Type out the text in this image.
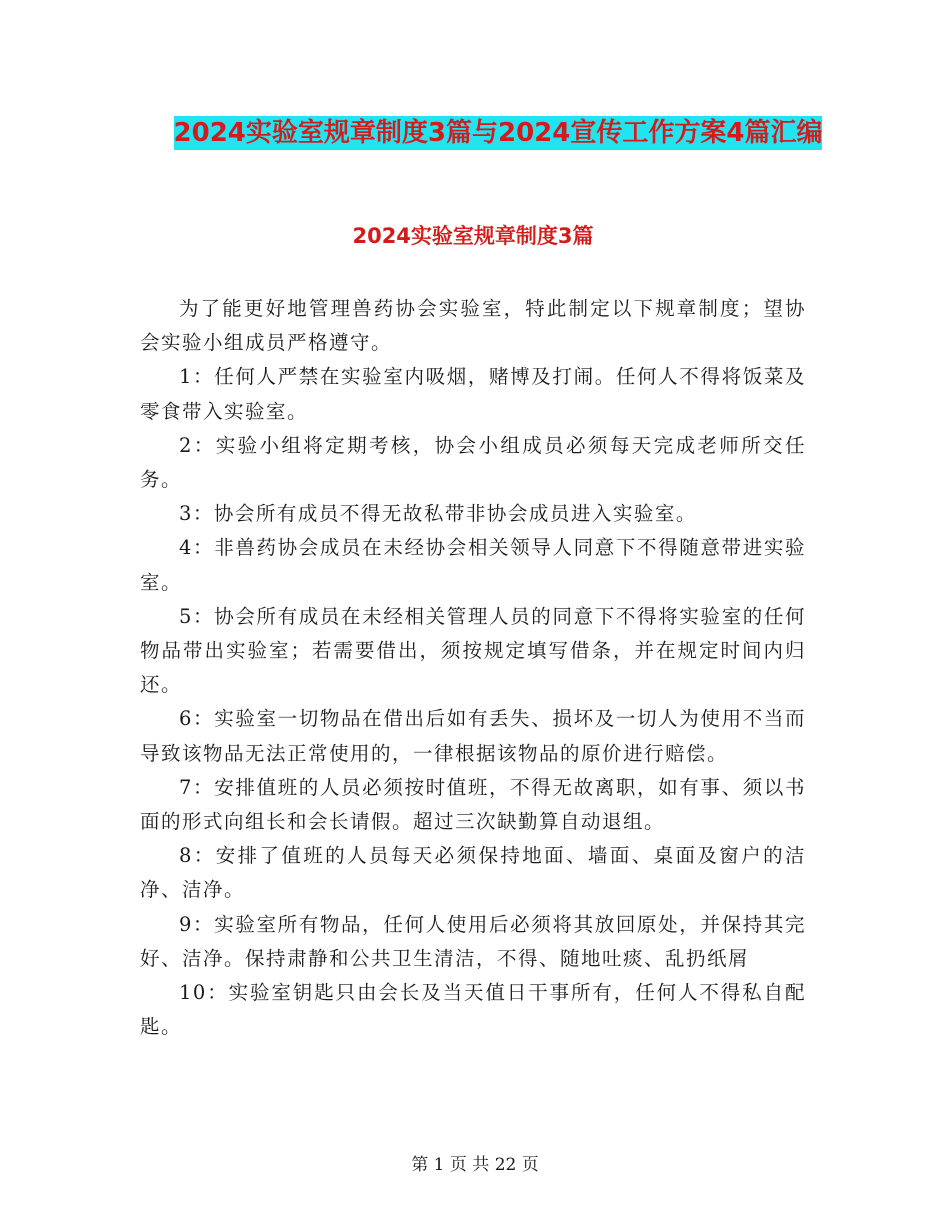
2024实验室规章制度3篇与2024宣传工作方案4篇汇编
2024实验室规章制度3篇

为了能更好地管理兽药协会实验室，特此制定以下规章制度；望协会实验小组成员严格遵守。

1：任何人严禁在实验室内吸烟，赌博及打闹。任何人不得将饭菜及零食带入实验室。

2：实验小组将定期考核，协会小组成员必须每天完成老师所交任务。

3：协会所有成员不得无故私带非协会成员进入实验室。

4：非兽药协会成员在未经协会相关领导人同意下不得随意带进实验室。

5：协会所有成员在未经相关管理人员的同意下不得将实验室的任何物品带出实验室；若需要借出，须按规定填写借条，并在规定时间内归还。

6：实验室一切物品在借出后如有丢失、损坏及一切人为使用不当而导致该物品无法正常使用的，一律根据该物品的原价进行赔偿。

7：安排值班的人员必须按时值班，不得无故离职，如有事、须以书面的形式向组长和会长请假。超过三次缺勤算自动退组。

8：安排了值班的人员每天必须保持地面、墙面、桌面及窗户的洁净、洁净。

9：实验室所有物品，任何人使用后必须将其放回原处，并保持其完好、洁净。保持肃静和公共卫生清洁，不得、随地吐痰、乱扔纸屑

10：实验室钥匙只由会长及当天值日干事所有，任何人不得私自配匙。

第 1 页 共 22 页
